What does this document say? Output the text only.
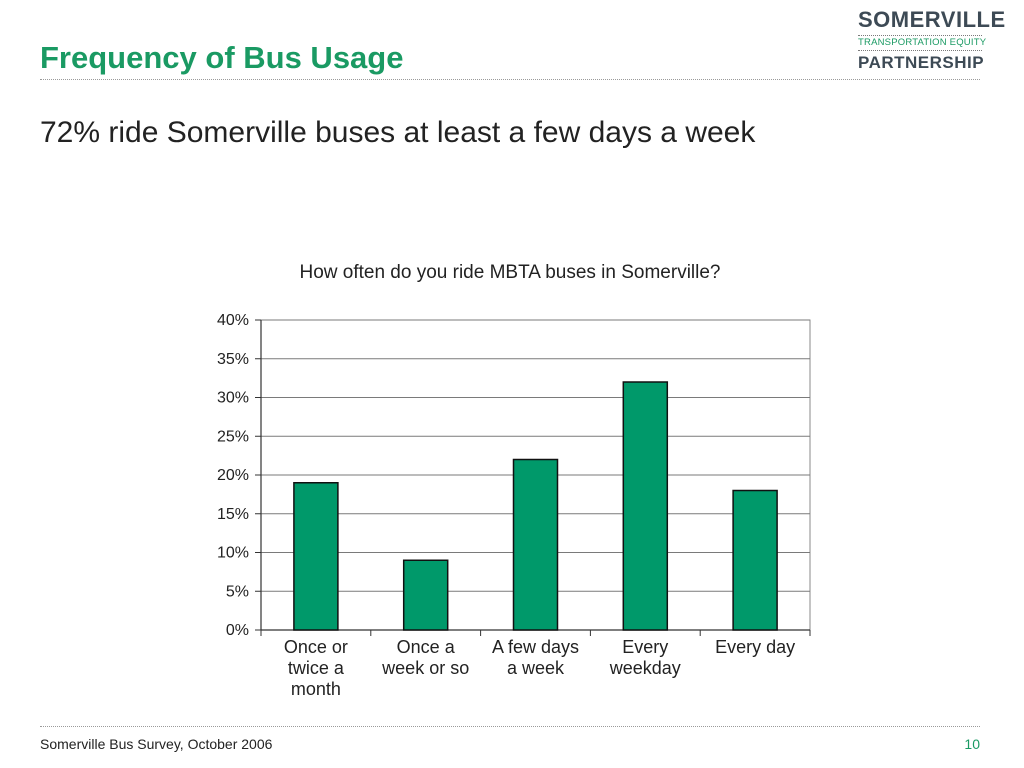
Frequency of Bus Usage
SOMERVILLE
TRANSPORTATION EQUITY
PARTNERSHIP
72% ride Somerville buses at least a few days a week
How often do you ride MBTA buses in Somerville?
0%
5%
10%
15%
20%
25%
30%
35%
40%
Once or
twice a
month
Once a
week or so
A few days
a week
Every
weekday
Every day
Somerville Bus Survey, October 2006	10
